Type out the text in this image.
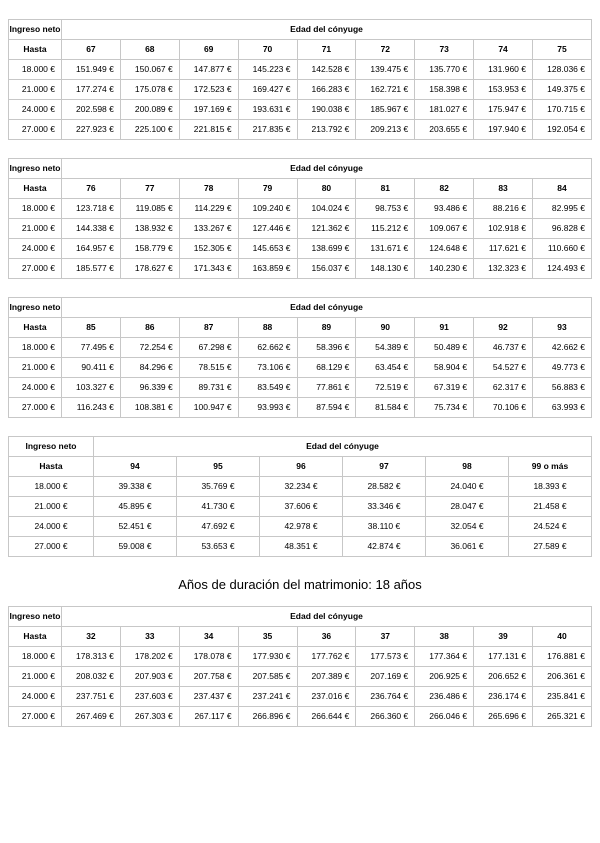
Ingreso neto	Edad del cónyuge								
Hasta	67	68	69	70	71	72	73	74	75
18.000 €	151.949 €	150.067 €	147.877 €	145.223 €	142.528 €	139.475 €	135.770 €	131.960 €	128.036 €
21.000 €	177.274 €	175.078 €	172.523 €	169.427 €	166.283 €	162.721 €	158.398 €	153.953 €	149.375 €
24.000 €	202.598 €	200.089 €	197.169 €	193.631 €	190.038 €	185.967 €	181.027 €	175.947 €	170.715 €
27.000 €	227.923 €	225.100 €	221.815 €	217.835 €	213.792 €	209.213 €	203.655 €	197.940 €	192.054 €
Ingreso neto	Edad del cónyuge								
Hasta	76	77	78	79	80	81	82	83	84
18.000 €	123.718 €	119.085 €	114.229 €	109.240 €	104.024 €	98.753 €	93.486 €	88.216 €	82.995 €
21.000 €	144.338 €	138.932 €	133.267 €	127.446 €	121.362 €	115.212 €	109.067 €	102.918 €	96.828 €
24.000 €	164.957 €	158.779 €	152.305 €	145.653 €	138.699 €	131.671 €	124.648 €	117.621 €	110.660 €
27.000 €	185.577 €	178.627 €	171.343 €	163.859 €	156.037 €	148.130 €	140.230 €	132.323 €	124.493 €
Ingreso neto	Edad del cónyuge								
Hasta	85	86	87	88	89	90	91	92	93
18.000 €	77.495 €	72.254 €	67.298 €	62.662 €	58.396 €	54.389 €	50.489 €	46.737 €	42.662 €
21.000 €	90.411 €	84.296 €	78.515 €	73.106 €	68.129 €	63.454 €	58.904 €	54.527 €	49.773 €
24.000 €	103.327 €	96.339 €	89.731 €	83.549 €	77.861 €	72.519 €	67.319 €	62.317 €	56.883 €
27.000 €	116.243 €	108.381 €	100.947 €	93.993 €	87.594 €	81.584 €	75.734 €	70.106 €	63.993 €
Ingreso neto	Edad del cónyuge					
Hasta	94	95	96	97	98	99 o más
18.000 €	39.338 €	35.769 €	32.234 €	28.582 €	24.040 €	18.393 €
21.000 €	45.895 €	41.730 €	37.606 €	33.346 €	28.047 €	21.458 €
24.000 €	52.451 €	47.692 €	42.978 €	38.110 €	32.054 €	24.524 €
27.000 €	59.008 €	53.653 €	48.351 €	42.874 €	36.061 €	27.589 €
Años de duración del matrimonio: 18 años
Ingreso neto	Edad del cónyuge								
Hasta	32	33	34	35	36	37	38	39	40
18.000 €	178.313 €	178.202 €	178.078 €	177.930 €	177.762 €	177.573 €	177.364 €	177.131 €	176.881 €
21.000 €	208.032 €	207.903 €	207.758 €	207.585 €	207.389 €	207.169 €	206.925 €	206.652 €	206.361 €
24.000 €	237.751 €	237.603 €	237.437 €	237.241 €	237.016 €	236.764 €	236.486 €	236.174 €	235.841 €
27.000 €	267.469 €	267.303 €	267.117 €	266.896 €	266.644 €	266.360 €	266.046 €	265.696 €	265.321 €
